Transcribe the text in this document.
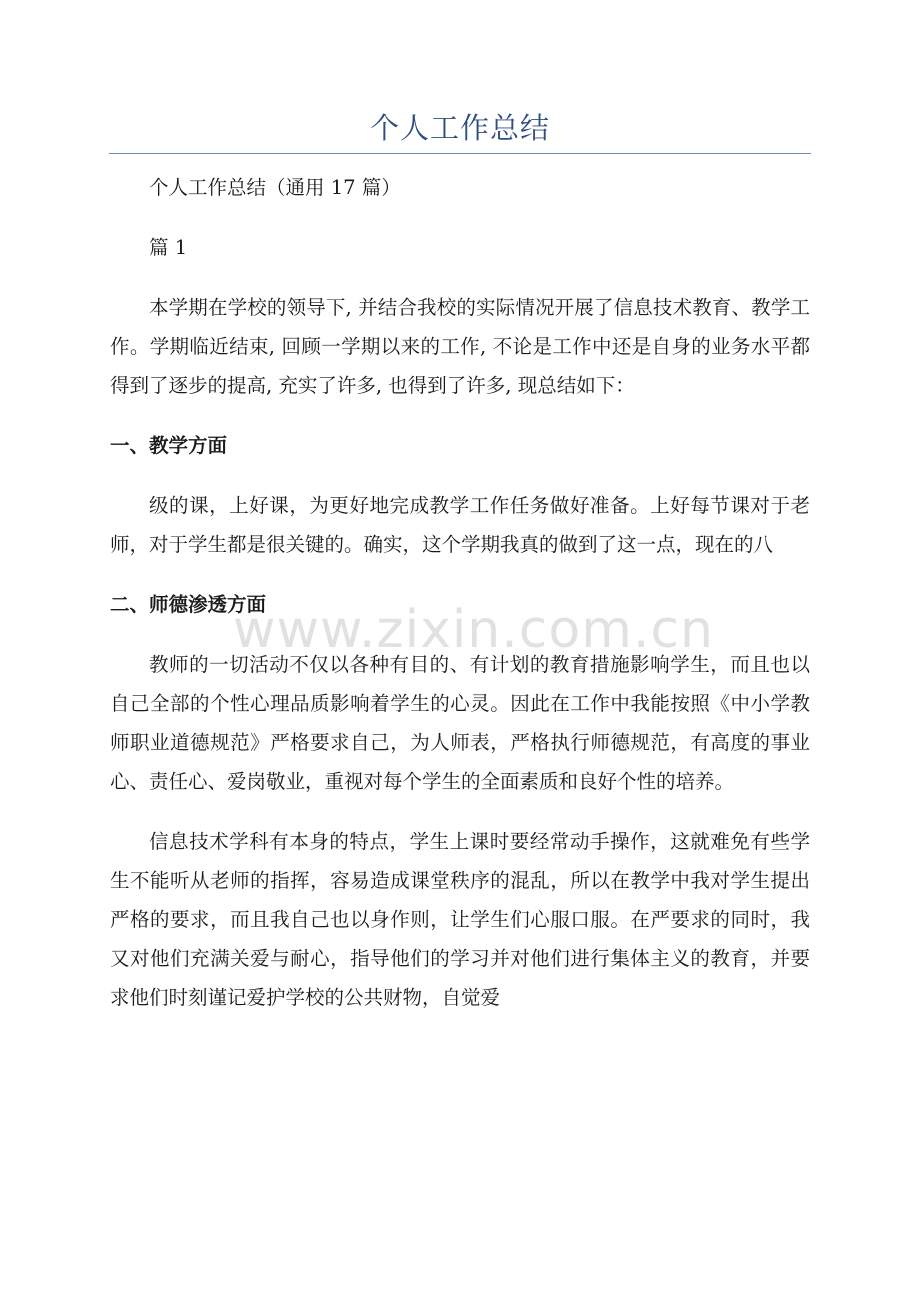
个人工作总结

个人工作总结（通用 17 篇）

篇 1

本学期在学校的领导下, 并结合我校的实际情况开展了信息技术教育、教学工作。学期临近结束, 回顾一学期以来的工作, 不论是工作中还是自身的业务水平都得到了逐步的提高, 充实了许多, 也得到了许多, 现总结如下：

一、教学方面

级的课，上好课，为更好地完成教学工作任务做好准备。上好每节课对于老师，对于学生都是很关键的。确实，这个学期我真的做到了这一点，现在的八

二、师德渗透方面

教师的一切活动不仅以各种有目的、有计划的教育措施影响学生，而且也以自己全部的个性心理品质影响着学生的心灵。因此在工作中我能按照《中小学教师职业道德规范》严格要求自己，为人师表，严格执行师德规范，有高度的事业心、责任心、爱岗敬业，重视对每个学生的全面素质和良好个性的培养。

信息技术学科有本身的特点，学生上课时要经常动手操作，这就难免有些学生不能听从老师的指挥，容易造成课堂秩序的混乱，所以在教学中我对学生提出严格的要求，而且我自己也以身作则，让学生们心服口服。在严要求的同时，我又对他们充满关爱与耐心，指导他们的学习并对他们进行集体主义的教育，并要求他们时刻谨记爱护学校的公共财物，自觉爱

www.zixin.com.cn
